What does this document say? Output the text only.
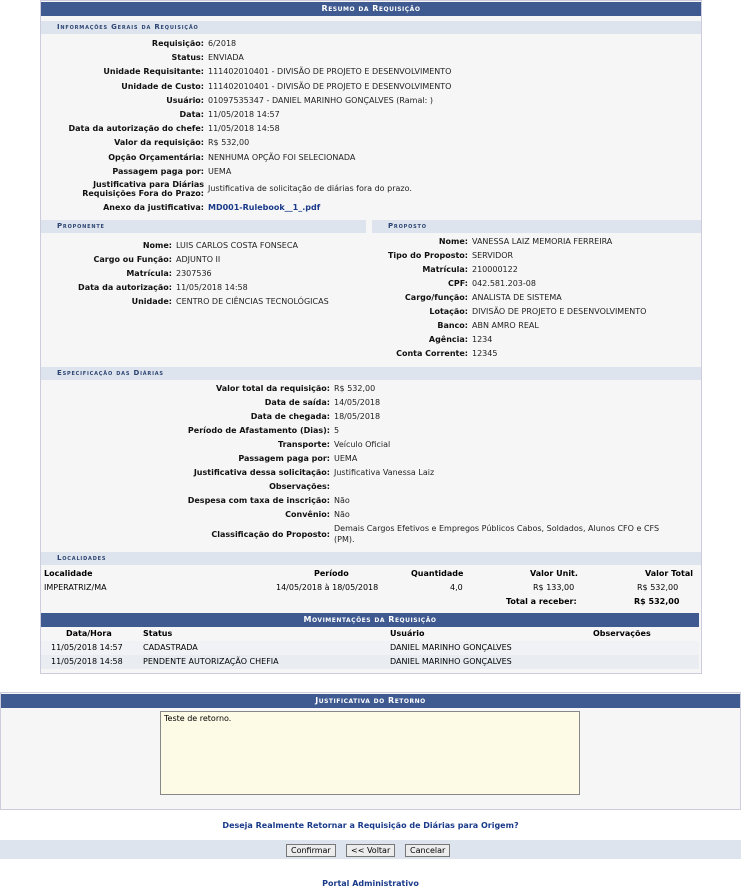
Resumo da Requisição
Informações Gerais da Requisição
Requisição: 6/2018
Status: ENVIADA
Unidade Requisitante: 111402010401 - DIVISÃO DE PROJETO E DESENVOLVIMENTO
Unidade de Custo: 111402010401 - DIVISÃO DE PROJETO E DESENVOLVIMENTO
Usuário: 01097535347 - DANIEL MARINHO GONÇALVES (Ramal: )
Data: 11/05/2018 14:57
Data da autorização do chefe: 11/05/2018 14:58
Valor da requisição: R$ 532,00
Opção Orçamentária: NENHUMA OPÇÃO FOI SELECIONADA
Passagem paga por: UEMA
Justificativa para Diárias
Requisições Fora do Prazo:
Justificativa de solicitação de diárias fora do prazo.
Anexo da justificativa: MD001-Rulebook__1_.pdf
Proponente	Proposto
Nome: LUIS CARLOS COSTA FONSECA
Cargo ou Função: ADJUNTO II
Matrícula: 2307536
Data da autorização: 11/05/2018 14:58
Unidade: CENTRO DE CIÊNCIAS TECNOLÓGICAS
Nome: VANESSA LAIZ MEMORIA FERREIRA
Tipo do Proposto: SERVIDOR
Matrícula: 210000122
CPF: 042.581.203-08
Cargo/função: ANALISTA DE SISTEMA
Lotação: DIVISÃO DE PROJETO E DESENVOLVIMENTO
Banco: ABN AMRO REAL
Agência: 1234
Conta Corrente: 12345
Especificação das Diárias
Valor total da requisição: R$ 532,00
Data de saída: 14/05/2018
Data de chegada: 18/05/2018
Período de Afastamento (Dias): 5
Transporte: Veículo Oficial
Passagem paga por: UEMA
Justificativa dessa solicitação: Justificativa Vanessa Laiz
Observações:
Despesa com taxa de inscrição: Não
Convênio: Não
Classificação do Proposto:
Demais Cargos Efetivos e Empregos Públicos Cabos, Soldados, Alunos CFO e CFS
(PM).
Localidades
Localidade	Período	Quantidade	Valor Unit.	Valor Total
IMPERATRIZ/MA	14/05/2018 à 18/05/2018	4,0	R$ 133,00	R$ 532,00
Total a receber:	R$ 532,00
Movimentações da Requisição
Data/Hora	Status	Usuário	Observações
11/05/2018 14:57	CADASTRADA	DANIEL MARINHO GONÇALVES
11/05/2018 14:58	PENDENTE AUTORIZAÇÃO CHEFIA	DANIEL MARINHO GONÇALVES
Justificativa do Retorno
Teste de retorno.
Deseja Realmente Retornar a Requisição de Diárias para Origem?
Confirmar	<< Voltar	Cancelar
Portal Administrativo
